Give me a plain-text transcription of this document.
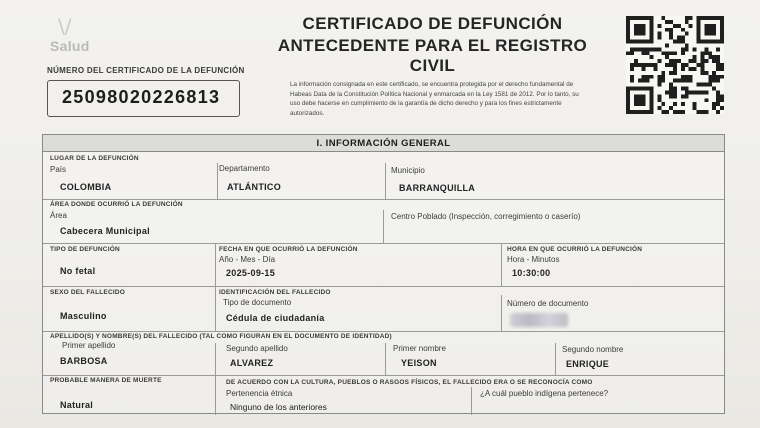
\/
Salud
CERTIFICADO DE DEFUNCIÓN
ANTECEDENTE PARA EL REGISTRO CIVIL
NÚMERO DEL CERTIFICADO DE LA DEFUNCIÓN
25098020226813
La información consignada en este certificado, se encuentra protegida por el derecho fundamental de Habeas Data de la Constitución Política Nacional y enmarcada en la Ley 1581 de 2012. Por lo tanto, su uso debe hacerse en cumplimiento de la garantía de dicho derecho y para los fines estrictamente autorizados.
I. INFORMACIÓN GENERAL
LUGAR DE LA DEFUNCIÓN
País
COLOMBIA
Departamento
ATLÁNTICO
Municipio
BARRANQUILLA
ÁREA DONDE OCURRIÓ LA DEFUNCIÓN
Área
Cabecera Municipal
Centro Poblado (Inspección, corregimiento o caserío)
TIPO DE DEFUNCIÓN
No fetal
FECHA EN QUE OCURRIÓ LA DEFUNCIÓN
Año - Mes - Día
2025-09-15
HORA EN QUE OCURRIÓ LA DEFUNCIÓN
Hora - Minutos
10:30:00
SEXO DEL FALLECIDO
Masculino
IDENTIFICACIÓN DEL FALLECIDO
Tipo de documento
Cédula de ciudadanía
Número de documento
APELLIDO(S) Y NOMBRE(S) DEL FALLECIDO (TAL COMO FIGURAN EN EL DOCUMENTO DE IDENTIDAD)
Primer apellido
BARBOSA
Segundo apellido
ALVAREZ
Primer nombre
YEISON
Segundo nombre
ENRIQUE
PROBABLE MANERA DE MUERTE
Natural
DE ACUERDO CON LA CULTURA, PUEBLOS O RASGOS FÍSICOS, EL FALLECIDO ERA O SE RECONOCÍA COMO
Pertenencia étnica
Ninguno de los anteriores
¿A cuál pueblo indígena pertenece?
